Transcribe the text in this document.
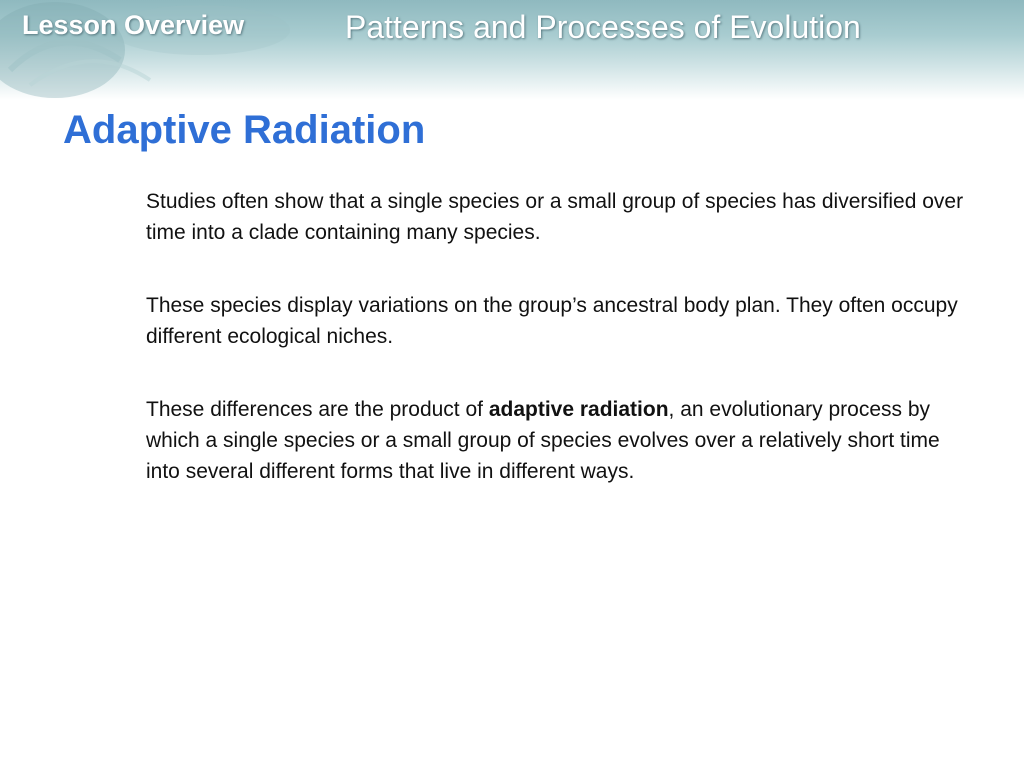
Lesson Overview	Patterns and Processes of Evolution
Adaptive Radiation

Studies often show that a single species or a small group of species has diversified over time into a clade containing many species.

These species display variations on the group’s ancestral body plan. They often occupy different ecological niches.

These differences are the product of adaptive radiation, an evolutionary process by which a single species or a small group of species evolves over a relatively short time into several different forms that live in different ways.
